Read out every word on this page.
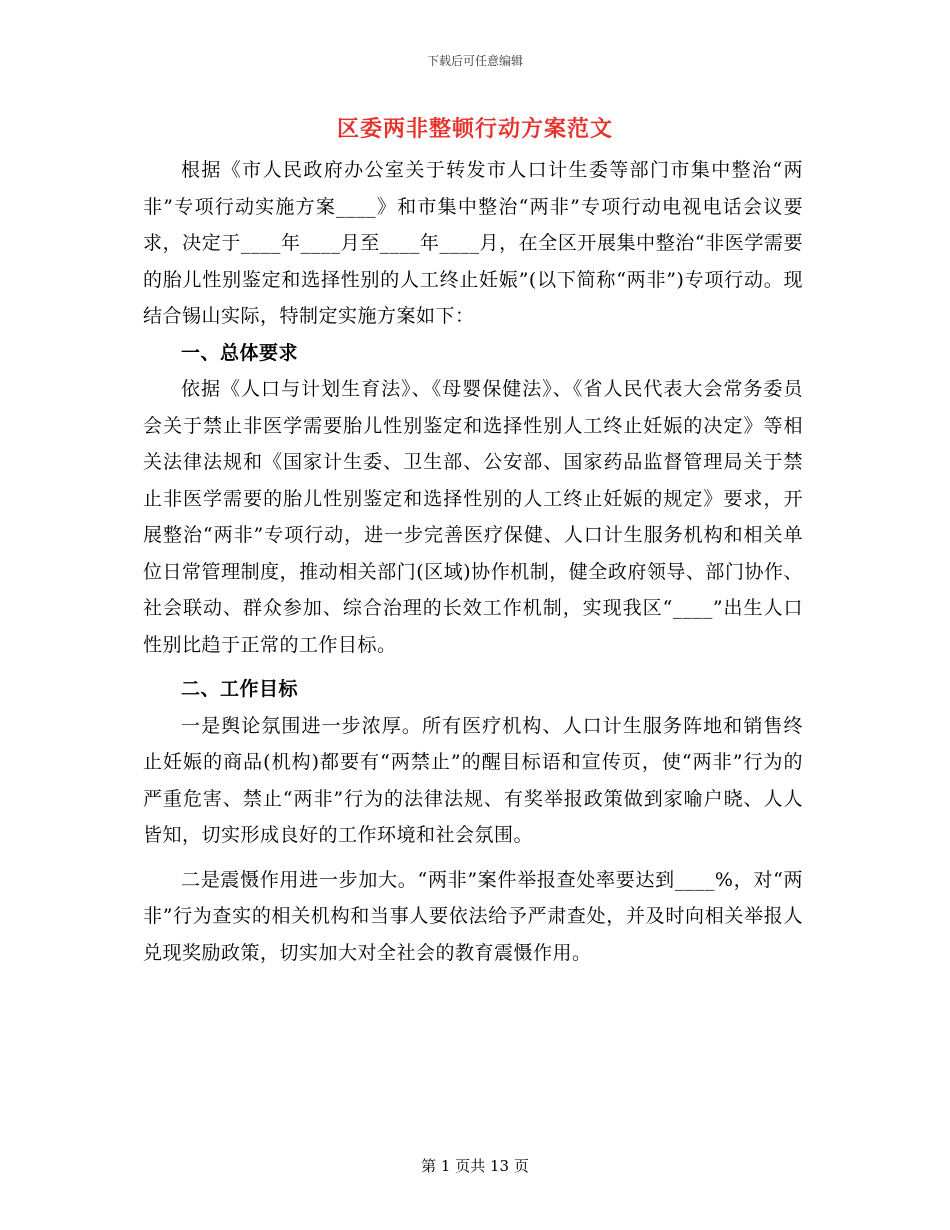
下载后可任意编辑
区委两非整顿行动方案范文

根据《市人民政府办公室关于转发市人口计生委等部门市集中整治“两非”专项行动实施方案____》和市集中整治“两非”专项行动电视电话会议要求，决定于____年____月至____年____月，在全区开展集中整治“非医学需要的胎儿性别鉴定和选择性别的人工终止妊娠”(以下简称“两非”)专项行动。现结合锡山实际，特制定实施方案如下：

一、总体要求

依据《人口与计划生育法》、《母婴保健法》、《省人民代表大会常务委员会关于禁止非医学需要胎儿性别鉴定和选择性别人工终止妊娠的决定》等相关法律法规和《国家计生委、卫生部、公安部、国家药品监督管理局关于禁止非医学需要的胎儿性别鉴定和选择性别的人工终止妊娠的规定》要求，开展整治“两非”专项行动，进一步完善医疗保健、人口计生服务机构和相关单位日常管理制度，推动相关部门(区域)协作机制，健全政府领导、部门协作、社会联动、群众参加、综合治理的长效工作机制，实现我区“____”出生人口性别比趋于正常的工作目标。

二、工作目标

一是舆论氛围进一步浓厚。所有医疗机构、人口计生服务阵地和销售终止妊娠的商品(机构)都要有“两禁止”的醒目标语和宣传页，使“两非”行为的严重危害、禁止“两非”行为的法律法规、有奖举报政策做到家喻户晓、人人皆知，切实形成良好的工作环境和社会氛围。

二是震慑作用进一步加大。“两非”案件举报查处率要达到____%，对“两非”行为查实的相关机构和当事人要依法给予严肃查处，并及时向相关举报人兑现奖励政策，切实加大对全社会的教育震慑作用。

第 1 页共 13 页
